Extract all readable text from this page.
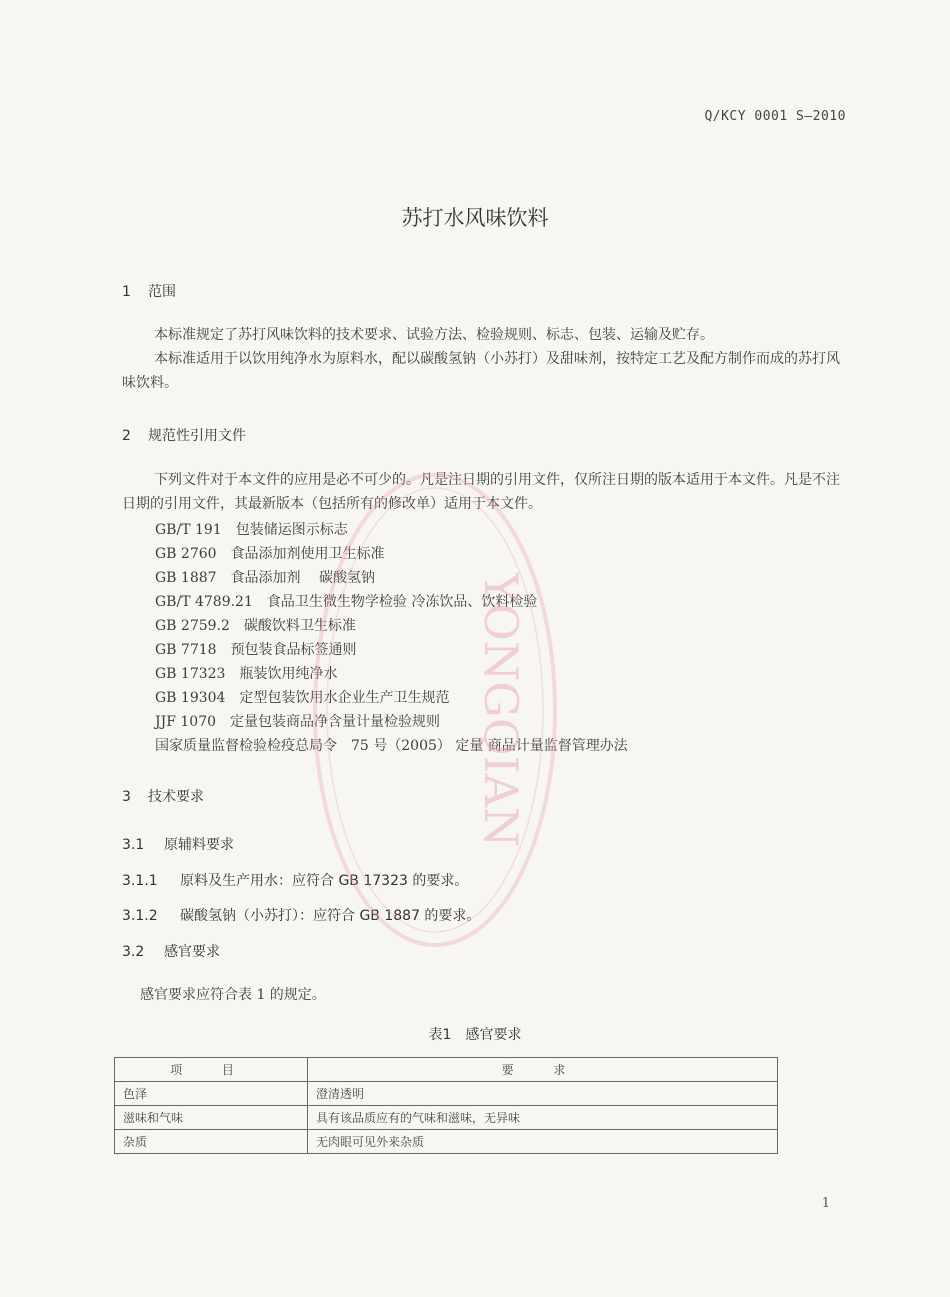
Q/KCY 0001 S—2010
苏打水风味饮料
1 范围

本标准规定了苏打风味饮料的技术要求、试验方法、检验规则、标志、包装、运输及贮存。

本标准适用于以饮用纯净水为原料水，配以碳酸氢钠（小苏打）及甜味剂，按特定工艺及配方制作而成的苏打风味饮料。

2 规范性引用文件

下列文件对于本文件的应用是必不可少的。凡是注日期的引用文件，仅所注日期的版本适用于本文件。凡是不注日期的引用文件，其最新版本（包括所有的修改单）适用于本文件。

GB/T 191 包装储运图示标志
GB 2760 食品添加剂使用卫生标准
GB 1887 食品添加剂　 碳酸氢钠
GB/T 4789.21 食品卫生微生物学检验 冷冻饮品、饮料检验
GB 2759.2 碳酸饮料卫生标准
GB 7718 预包装食品标签通则
GB 17323 瓶装饮用纯净水
GB 19304 定型包装饮用水企业生产卫生规范
JJF 1070 定量包装商品净含量计量检验规则
国家质量监督检验检疫总局令 75 号（2005） 定量 商品计量监督管理办法
3 技术要求
3.1 原辅料要求
3.1.1 原料及生产用水：应符合 GB 17323 的要求。
3.1.2 碳酸氢钠（小苏打）：应符合 GB 1887 的要求。
3.2 感官要求

感官要求应符合表 1 的规定。

表1　感官要求
项 目	要 求
色泽	澄清透明
滋味和气味	具有该品质应有的气味和滋味，无异味
杂质	无肉眼可见外来杂质
1
YONGQIAN
